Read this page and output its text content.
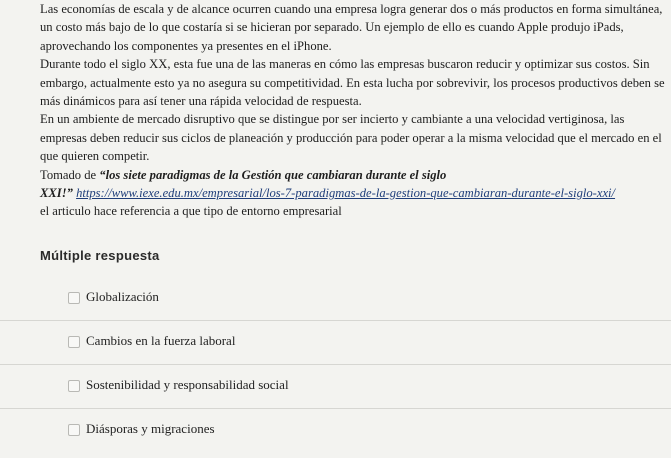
Las economías de escala y de alcance ocurren cuando una empresa logra generar dos o más productos en forma simultánea,
un costo más bajo de lo que costaría si se hicieran por separado. Un ejemplo de ello es cuando Apple produjo iPads,
aprovechando los componentes ya presentes en el iPhone.
Durante todo el siglo XX, esta fue una de las maneras en cómo las empresas buscaron reducir y optimizar sus costos. Sin
embargo, actualmente esto ya no asegura su competitividad. En esta lucha por sobrevivir, los procesos productivos deben se
más dinámicos para así tener una rápida velocidad de respuesta.
En un ambiente de mercado disruptivo que se distingue por ser incierto y cambiante a una velocidad vertiginosa, las
empresas deben reducir sus ciclos de planeación y producción para poder operar a la misma velocidad que el mercado en el
que quieren competir.
Tomado de “los siete paradigmas de la Gestión que cambiaran durante el siglo
XXI!” https://www.iexe.edu.mx/empresarial/los-7-paradigmas-de-la-gestion-que-cambiaran-durante-el-siglo-xxi/
el articulo hace referencia a que tipo de entorno empresarial
Múltiple respuesta
Globalización
Cambios en la fuerza laboral
Sostenibilidad y responsabilidad social
Diásporas y migraciones
